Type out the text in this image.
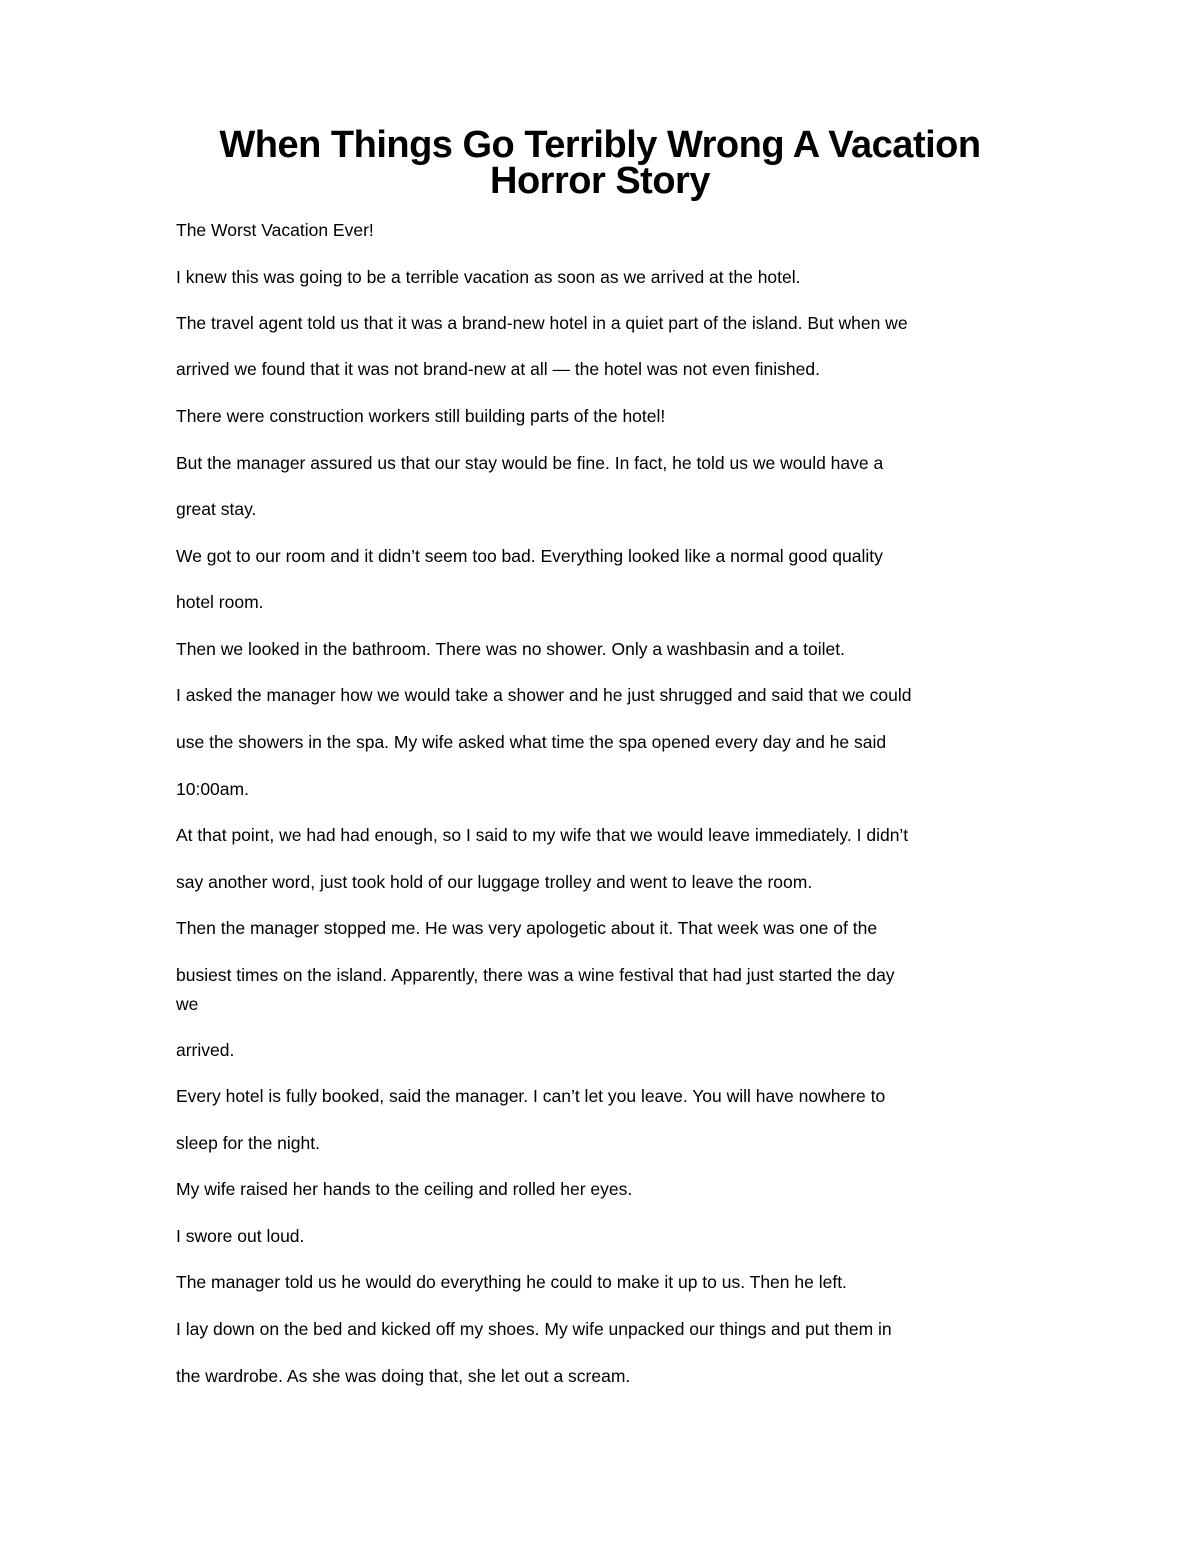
When Things Go Terribly Wrong A Vacation
Horror Story

The Worst Vacation Ever!

I knew this was going to be a terrible vacation as soon as we arrived at the hotel.

The travel agent told us that it was a brand-new hotel in a quiet part of the island. But when we

arrived we found that it was not brand-new at all — the hotel was not even finished.

There were construction workers still building parts of the hotel!

But the manager assured us that our stay would be fine. In fact, he told us we would have a

great stay.

We got to our room and it didn’t seem too bad. Everything looked like a normal good quality

hotel room.

Then we looked in the bathroom. There was no shower. Only a washbasin and a toilet.

I asked the manager how we would take a shower and he just shrugged and said that we could

use the showers in the spa. My wife asked what time the spa opened every day and he said

10:00am.

At that point, we had had enough, so I said to my wife that we would leave immediately. I didn’t

say another word, just took hold of our luggage trolley and went to leave the room.

Then the manager stopped me. He was very apologetic about it. That week was one of the

busiest times on the island. Apparently, there was a wine festival that had just started the day

we

arrived.

Every hotel is fully booked, said the manager. I can’t let you leave. You will have nowhere to

sleep for the night.

My wife raised her hands to the ceiling and rolled her eyes.

I swore out loud.

The manager told us he would do everything he could to make it up to us. Then he left.

I lay down on the bed and kicked off my shoes. My wife unpacked our things and put them in

the wardrobe. As she was doing that, she let out a scream.
